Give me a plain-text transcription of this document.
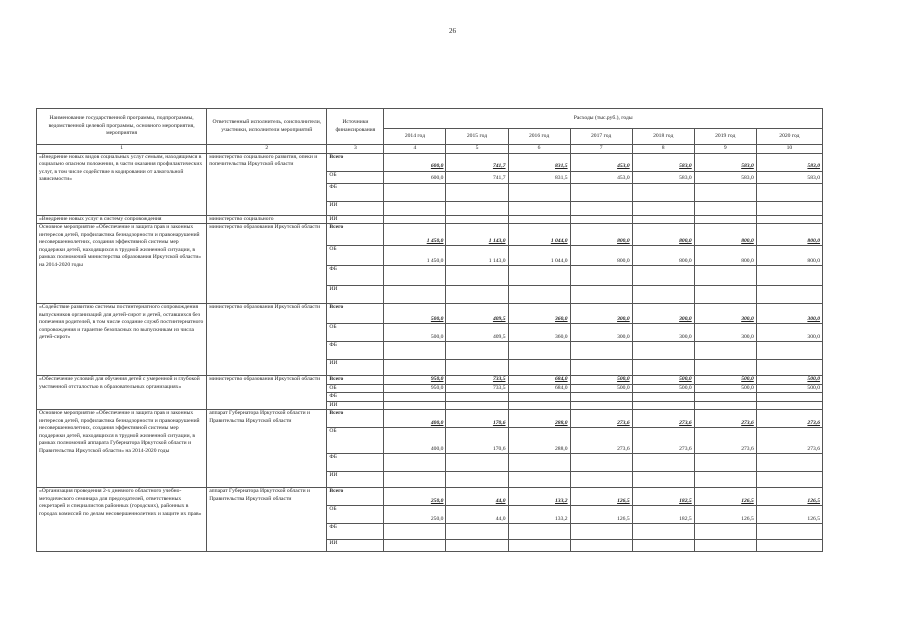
26
Наименование государственной программы, подпрограммы, ведомственной целевой программы, основного мероприятия, мероприятия	Ответственный исполнитель, соисполнители, участники, исполнители мероприятий	Источники финансирования	Расходы (тыс.руб.), годы						
			2014 год	2015 год	2016 год	2017 год	2018 год	2019 год	2020 год
1	2	3	4	5	6	7	8	9	10
«Внедрение новых видов социальных услуг семьям, находящимся в социально опасном положении, в части оказания профилактических услуг, в том числе содействие в кодировании от алкогольной зависимости»	министерство социального развития, опеки и попечительства Иркутской области	Всего	600,0	741,7	831,5	453,0	583,0	583,0	583,0
		ОБ	600,0	741,7	831,5	453,0	583,0	583,0	583,0
		ФБ							
		ИИ							
«Внедрение новых услуг в систему сопровождения	министерство социального	ИИ							
Основное мероприятие «Обеспечение и защита прав и законных интересов детей, профилактика безнадзорности и правонарушений несовершеннолетних, создания эффективной системы мер поддержки детей, находящихся в трудной жизненной ситуации, в рамках полномочий министерства образования Иркутской области» на 2014-2020 годы	министерство образования Иркутской области	Всего	1 450,0	1 143,0	1 044,0	800,0	800,0	800,0	800,0
		ОБ	1 450,0	1 143,0	1 044,0	800,0	800,0	800,0	800,0
		ФБ							
		ИИ							
«Содействие развитию системы постинтернатного сопровождения выпускников организаций для детей-сирот и детей, оставшихся без попечения родителей, в том числе создание служб постинтернатного сопровождения и гарантие безопасных по выпускникам из числа детей-сирот»	министерство образования Иркутской области	Всего	500,0	409,5	360,0	300,0	300,0	300,0	300,0
		ОБ	500,0	409,5	360,0	300,0	300,0	300,0	300,0
		ФБ							
		ИИ							
«Обеспечение условий для обучения детей с умеренной и глубокой умственной отсталостью в образовательных организациях»	министерство образования Иркутской области	Всего	950,0	733,5	684,0	500,0	500,0	500,0	500,0
		ОБ	950,0	733,5	684,0	500,0	500,0	500,0	500,0
		ФБ							
		ИИ							
Основное мероприятие «Обеспечение и защита прав и законных интересов детей, профилактика безнадзорности и правонарушений несовершеннолетних, создания эффективной системы мер поддержки детей, находящихся в трудной жизненной ситуации, в рамках полномочий аппарата Губернатора Иркутской области и Правительства Иркутской области» на 2014-2020 годы	аппарат Губернатора Иркутской области и Правительства Иркутской области	Всего	400,0	170,6	288,0	273,6	273,6	273,6	273,6
		ОБ	400,0	170,6	288,0	273,6	273,6	273,6	273,6
		ФБ							
		ИИ							
«Организация проведения 2-х дневного областного учебно-методического семинара для председателей, ответственных секретарей и специалистов районных (городских), районных в городах комиссий по делам несовершеннолетних и защите их прав»	аппарат Губернатора Иркутской области и Правительства Иркутской области	Всего	250,0	44,0	133,2	126,5	182,5	126,5	126,5
		ОБ	250,0	44,0	133,2	126,5	182,5	126,5	126,5
		ФБ							
		ИИ							
